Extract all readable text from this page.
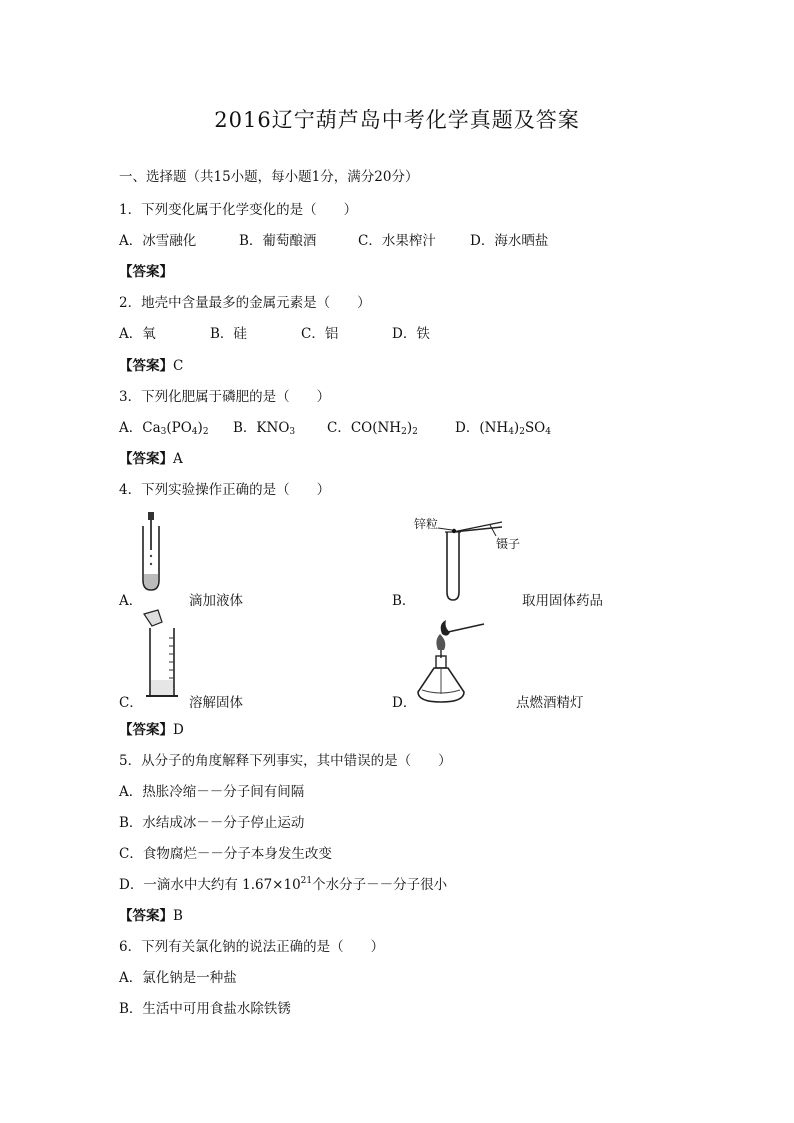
2016辽宁葫芦岛中考化学真题及答案
一、选择题（共15小题，每小题1分，满分20分）
1．下列变化属于化学变化的是（　　）
A．冰雪融化	B．葡萄酿酒	C．水果榨汁	D．海水晒盐
【答案】
2．地壳中含量最多的金属元素是（　　）
A．氧	B．硅	C．铝	D．铁
【答案】C
3．下列化肥属于磷肥的是（　　）
A．$Ca_3(PO_4)_2$ B．$KNO_3$ C．$CO(NH_2)_2$	D．$(NH_4)_2SO_4$
【答案】A
4．下列实验操作正确的是（　　）
A．	滴加液体
锌粒
镊子
B．	取用固体药品
C．	溶解固体	D．	点燃酒精灯
【答案】D
5．从分子的角度解释下列事实，其中错误的是（　　）
A．热胀冷缩－－分子间有间隔
B．水结成冰－－分子停止运动
C．食物腐烂－－分子本身发生改变
D．一滴水中大约有 $1.67\times 10^{21}$个水分子－－分子很小
【答案】B
6．下列有关氯化钠的说法正确的是（　　）
A．氯化钠是一种盐
B．生活中可用食盐水除铁锈
